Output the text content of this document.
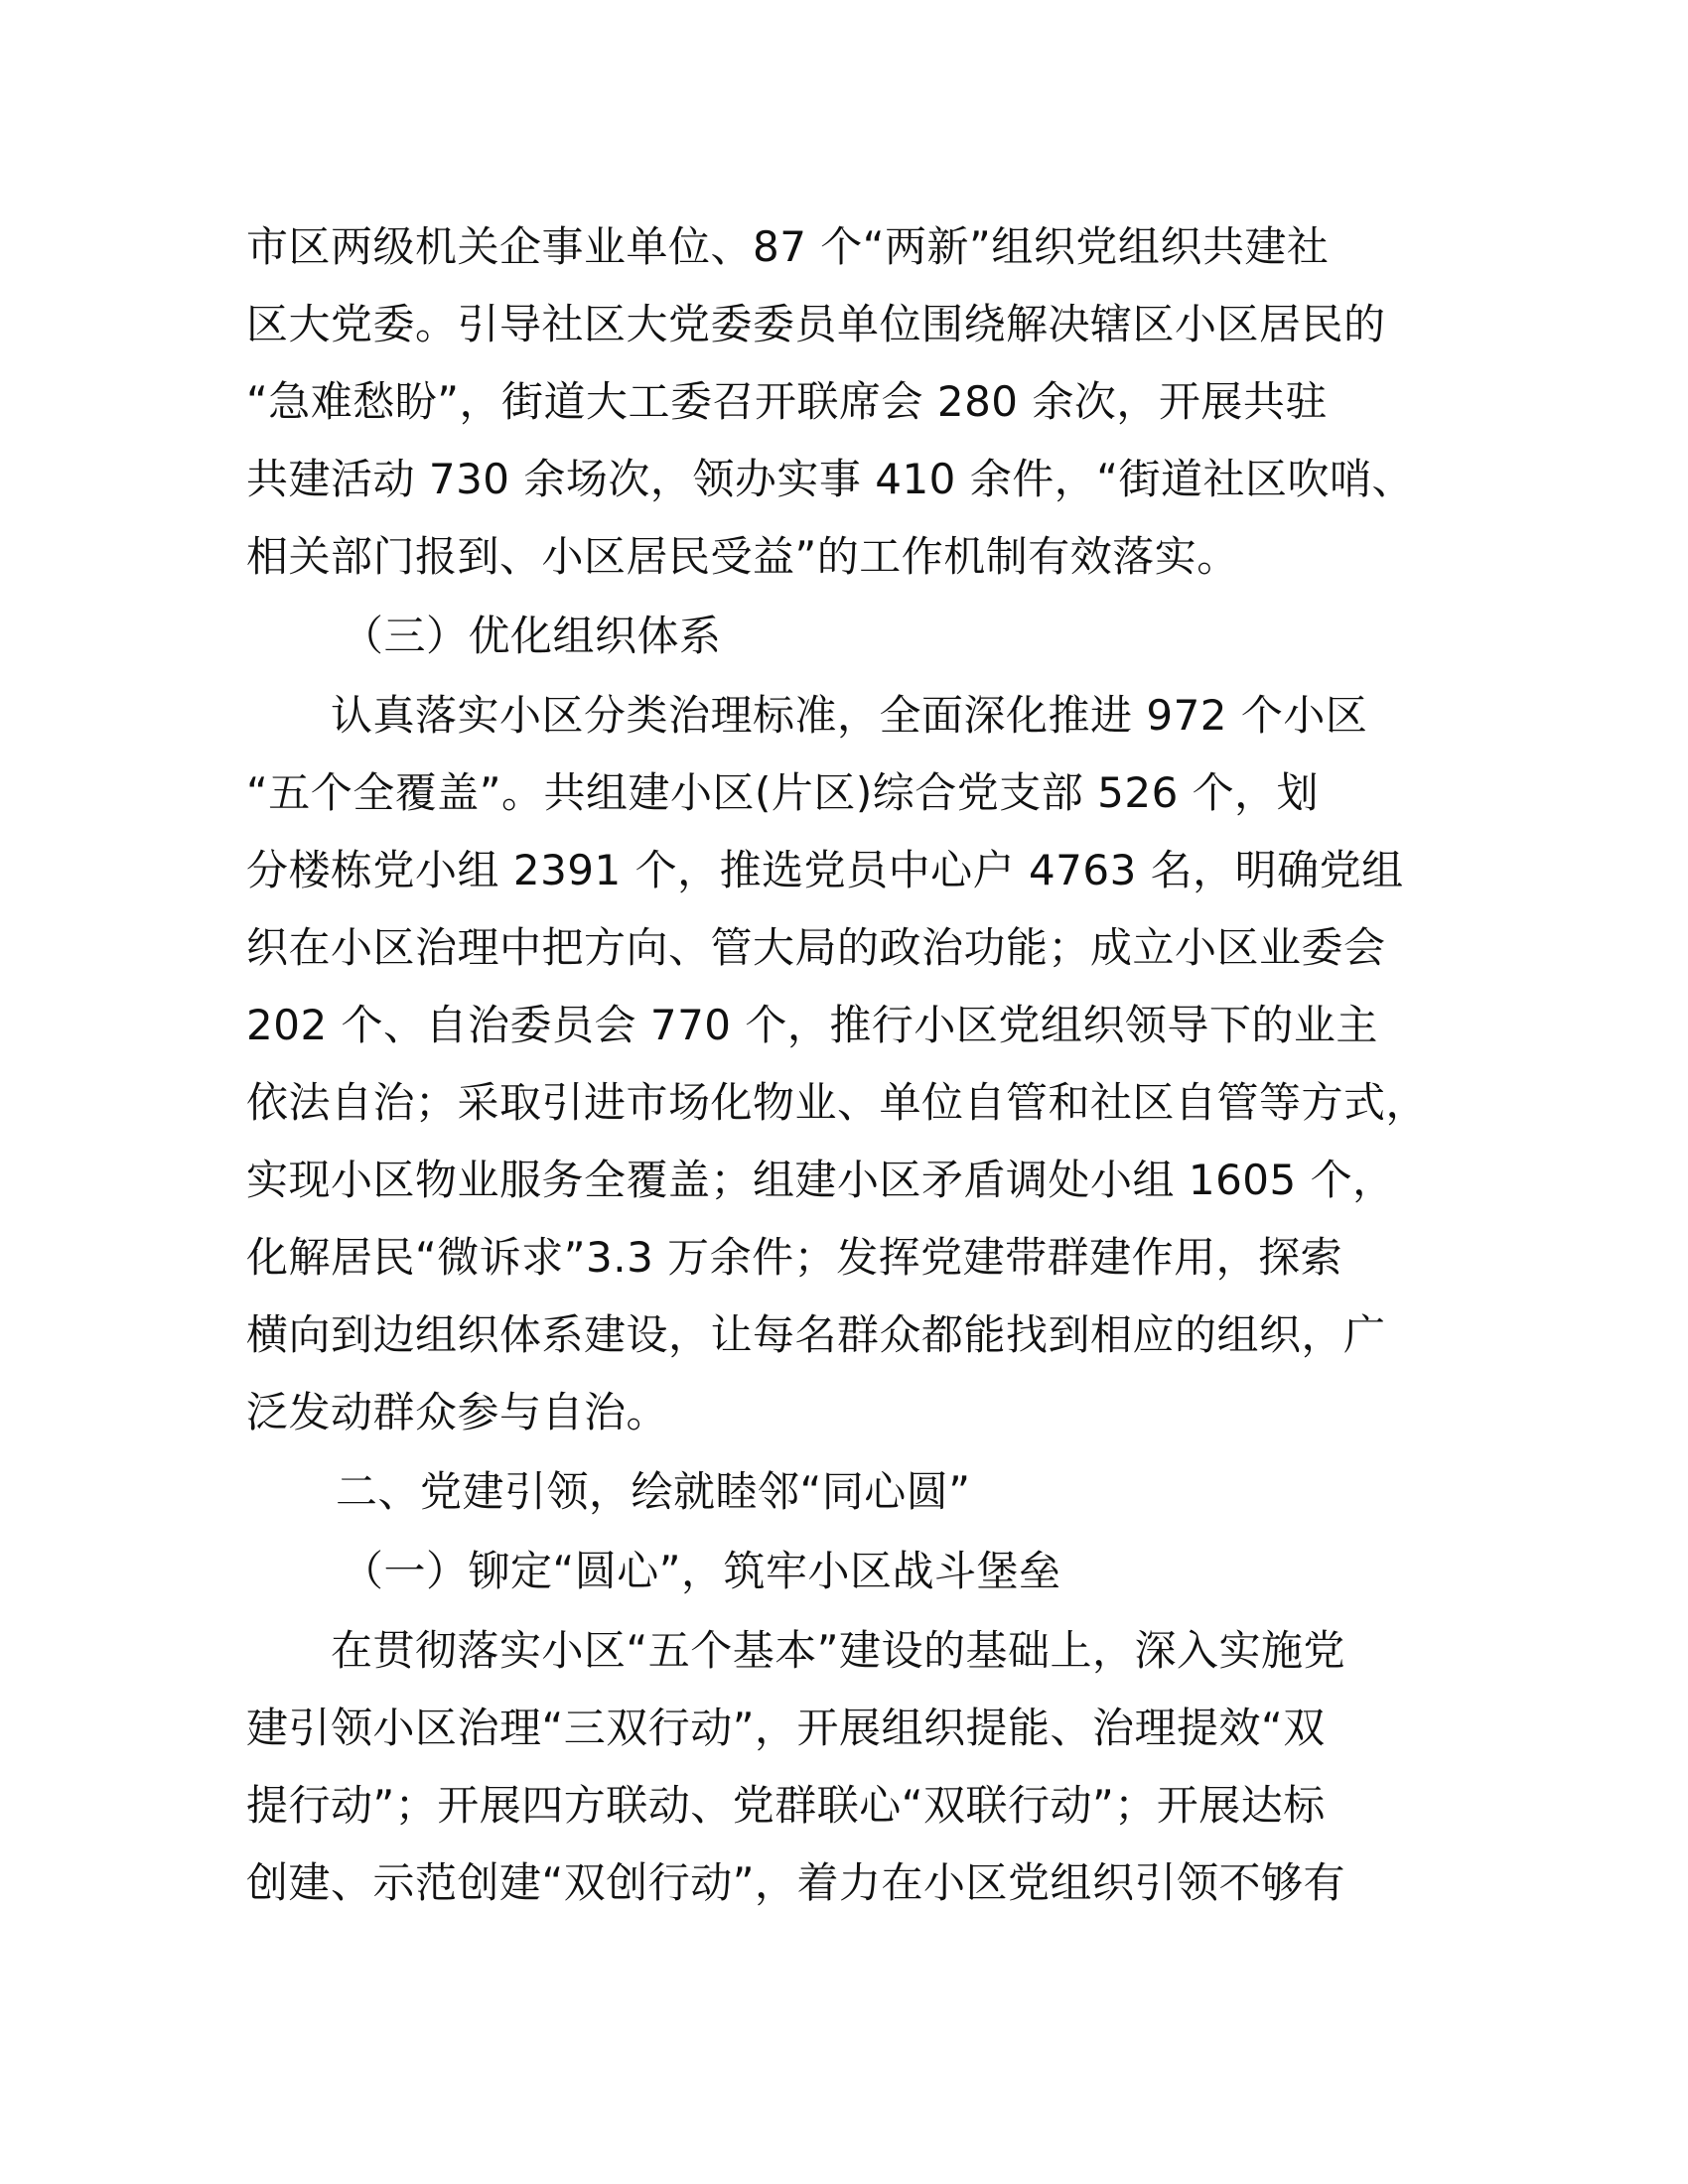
市区两级机关企事业单位、87 个“两新”组织党组织共建社
区大党委。引导社区大党委委员单位围绕解决辖区小区居民的
“急难愁盼”，街道大工委召开联席会 280 余次，开展共驻
共建活动 730 余场次，领办实事 410 余件，“街道社区吹哨、
相关部门报到、小区居民受益”的工作机制有效落实。

（三）优化组织体系

　　认真落实小区分类治理标准，全面深化推进 972 个小区
“五个全覆盖”。共组建小区(片区)综合党支部 526 个，划
分楼栋党小组 2391 个，推选党员中心户 4763 名，明确党组
织在小区治理中把方向、管大局的政治功能；成立小区业委会
202 个、自治委员会 770 个，推行小区党组织领导下的业主
依法自治；采取引进市场化物业、单位自管和社区自管等方式，
实现小区物业服务全覆盖；组建小区矛盾调处小组 1605 个，
化解居民“微诉求”3.3 万余件；发挥党建带群建作用，探索
横向到边组织体系建设，让每名群众都能找到相应的组织，广
泛发动群众参与自治。

二、党建引领，绘就睦邻“同心圆”

（一）铆定“圆心”，筑牢小区战斗堡垒

　　在贯彻落实小区“五个基本”建设的基础上，深入实施党
建引领小区治理“三双行动”，开展组织提能、治理提效“双
提行动”；开展四方联动、党群联心“双联行动”；开展达标
创建、示范创建“双创行动”，着力在小区党组织引领不够有
